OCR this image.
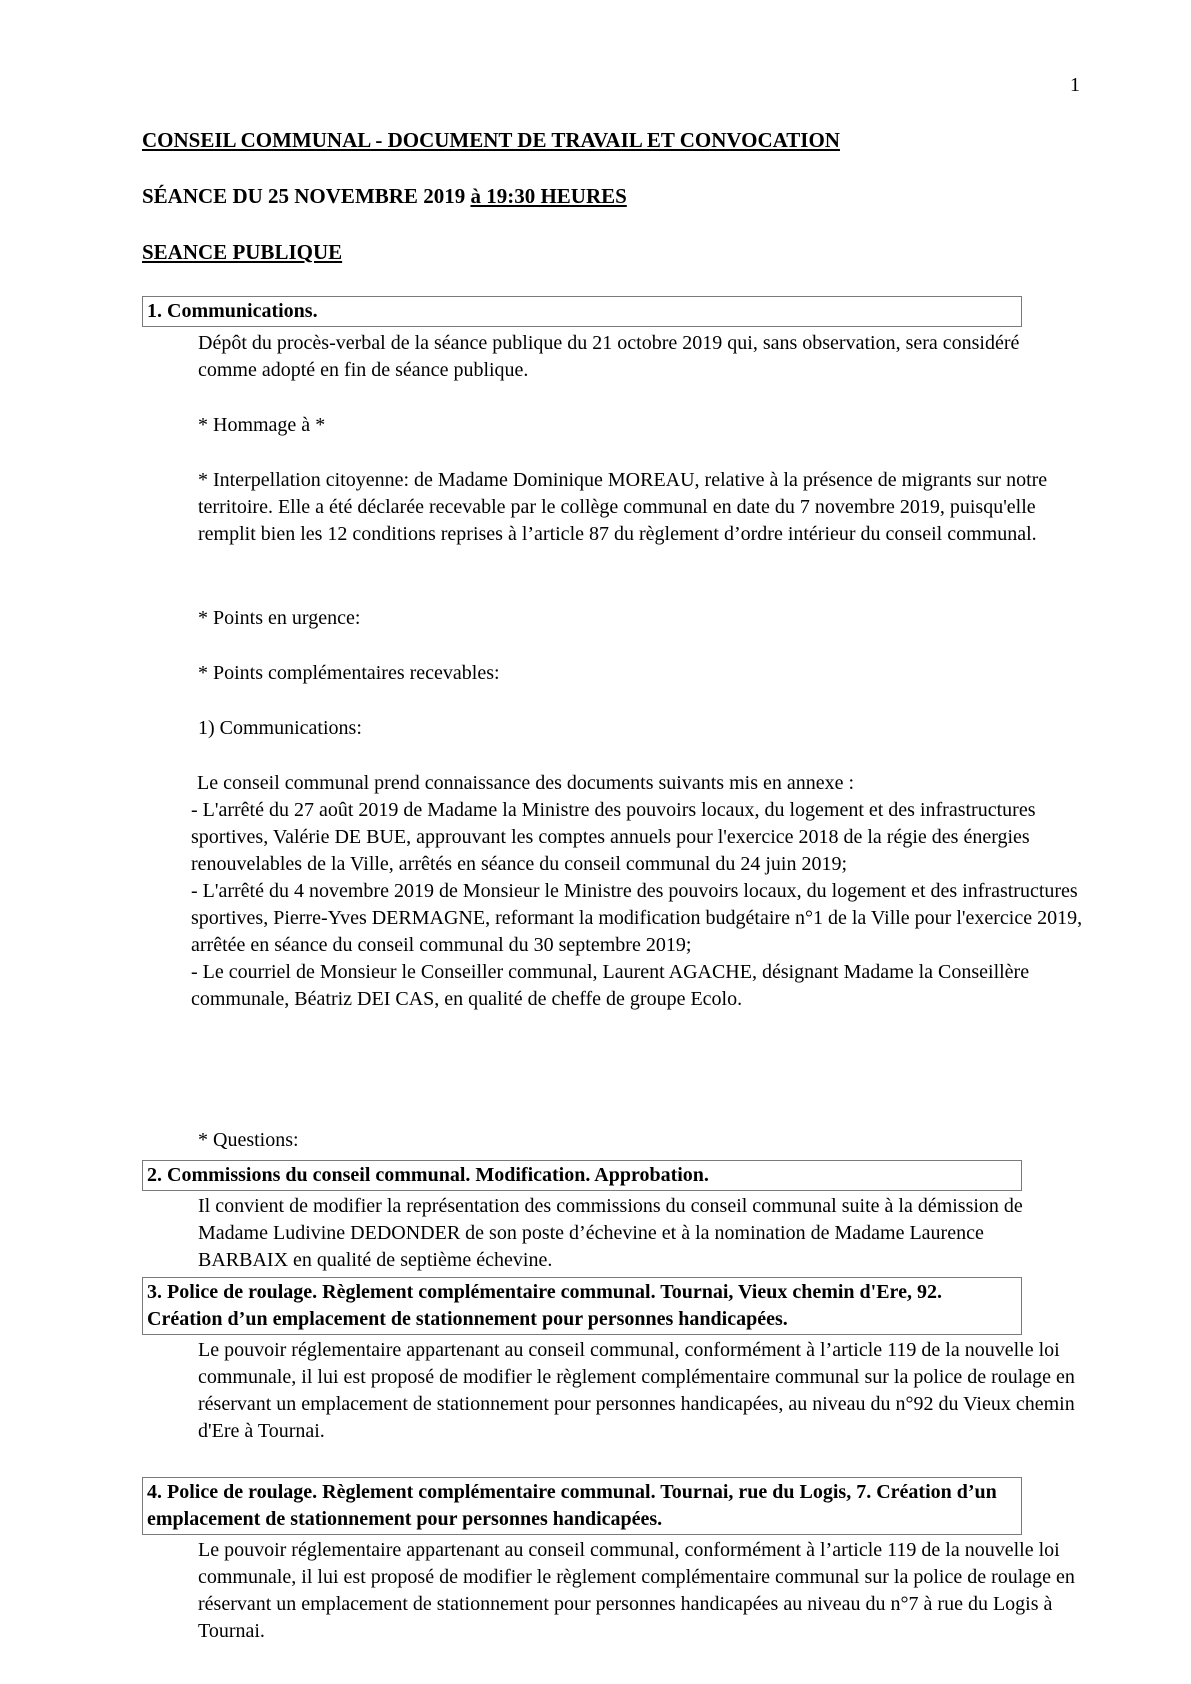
1
CONSEIL COMMUNAL - DOCUMENT DE TRAVAIL ET CONVOCATION
SÉANCE DU 25 NOVEMBRE 2019 à 19:30 HEURES
SEANCE PUBLIQUE
1. Communications.

Dépôt du procès-verbal de la séance publique du 21 octobre 2019 qui, sans observation, sera considéré comme adopté en fin de séance publique.

* Hommage à *
* Interpellation citoyenne: de Madame Dominique MOREAU, relative à la présence de migrants sur notre territoire. Elle a été déclarée recevable par le collège communal en date du 7 novembre 2019, puisqu'elle remplit bien les 12 conditions reprises à l’article 87 du règlement d’ordre intérieur du conseil communal.
* Points en urgence:
* Points complémentaires recevables:
1) Communications:

Le conseil communal prend connaissance des documents suivants mis en annexe :

- L'arrêté du 27 août 2019 de Madame la Ministre des pouvoirs locaux, du logement et des infrastructures sportives, Valérie DE BUE, approuvant les comptes annuels pour l'exercice 2018 de la régie des énergies renouvelables de la Ville, arrêtés en séance du conseil communal du 24 juin 2019;

- L'arrêté du 4 novembre 2019 de Monsieur le Ministre des pouvoirs locaux, du logement et des infrastructures sportives, Pierre-Yves DERMAGNE, reformant la modification budgétaire n°1 de la Ville pour l'exercice 2019, arrêtée en séance du conseil communal du 30 septembre 2019;

- Le courriel de Monsieur le Conseiller communal, Laurent AGACHE, désignant Madame la Conseillère communale, Béatriz DEI CAS, en qualité de cheffe de groupe Ecolo.

* Questions:
2. Commissions du conseil communal. Modification. Approbation.
Il convient de modifier la représentation des commissions du conseil communal suite à la démission de Madame Ludivine DEDONDER de son poste d’échevine et à la nomination de Madame Laurence BARBAIX en qualité de septième échevine.
3. Police de roulage. Règlement complémentaire communal. Tournai, Vieux chemin d'Ere, 92. Création d’un emplacement de stationnement pour personnes handicapées.
Le pouvoir réglementaire appartenant au conseil communal, conformément à l’article 119 de la nouvelle loi communale, il lui est proposé de modifier le règlement complémentaire communal sur la police de roulage en réservant un emplacement de stationnement pour personnes handicapées, au niveau du n°92 du Vieux chemin d'Ere à Tournai.
4. Police de roulage. Règlement complémentaire communal. Tournai, rue du Logis, 7. Création d’un emplacement de stationnement pour personnes handicapées.
Le pouvoir réglementaire appartenant au conseil communal, conformément à l’article 119 de la nouvelle loi communale, il lui est proposé de modifier le règlement complémentaire communal sur la police de roulage en réservant un emplacement de stationnement pour personnes handicapées au niveau du n°7 à rue du Logis à Tournai.
